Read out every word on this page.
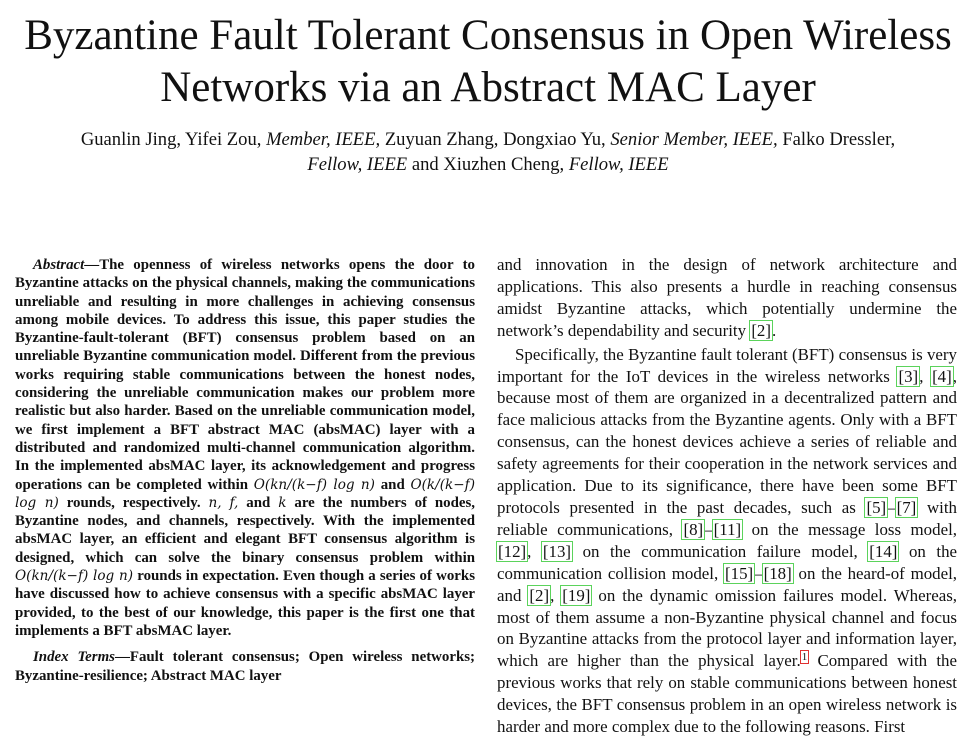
Byzantine Fault Tolerant Consensus in Open Wireless Networks via an Abstract MAC Layer
Guanlin Jing, Yifei Zou, Member, IEEE, Zuyuan Zhang, Dongxiao Yu, Senior Member, IEEE, Falko Dressler, Fellow, IEEE and Xiuzhen Cheng, Fellow, IEEE

Abstract—The openness of wireless networks opens the door to Byzantine attacks on the physical channels, making the communications unreliable and resulting in more challenges in achieving consensus among mobile devices. To address this issue, this paper studies the Byzantine-fault-tolerant (BFT) consensus problem based on an unreliable Byzantine communication model. Different from the previous works requiring stable communications between the honest nodes, considering the unreliable communication makes our problem more realistic but also harder. Based on the unreliable communication model, we first implement a BFT abstract MAC (absMAC) layer with a distributed and randomized multi-channel communication algorithm. In the implemented absMAC layer, its acknowledgement and progress operations can be completed within O(kn/(k−f) log n) and O(k/(k−f) log n) rounds, respectively. n, f, and k are the numbers of nodes, Byzantine nodes, and channels, respectively. With the implemented absMAC layer, an efficient and elegant BFT consensus algorithm is designed, which can solve the binary consensus problem within O(kn/(k−f) log n) rounds in expectation. Even though a series of works have discussed how to achieve consensus with a specific absMAC layer provided, to the best of our knowledge, this paper is the first one that implements a BFT absMAC layer.

Index Terms—Fault tolerant consensus; Open wireless networks; Byzantine-resilience; Abstract MAC layer

and innovation in the design of network architecture and applications. This also presents a hurdle in reaching consensus amidst Byzantine attacks, which potentially undermine the network’s dependability and security [2].

Specifically, the Byzantine fault tolerant (BFT) consensus is very important for the IoT devices in the wireless networks [3], [4], because most of them are organized in a decentralized pattern and face malicious attacks from the Byzantine agents. Only with a BFT consensus, can the honest devices achieve a series of reliable and safety agreements for their cooperation in the network services and application. Due to its significance, there have been some BFT protocols presented in the past decades, such as [5]–[7] with reliable communications, [8]–[11] on the message loss model, [12], [13] on the communication failure model, [14] on the communication collision model, [15]–[18] on the heard-of model, and [2], [19] on the dynamic omission failures model. Whereas, most of them assume a non-Byzantine physical channel and focus on Byzantine attacks from the protocol layer and information layer, which are higher than the physical layer.$^1$ Compared with the previous works that rely on stable communications between honest devices, the BFT consensus problem in an open wireless network is harder and more complex due to the following reasons. First
